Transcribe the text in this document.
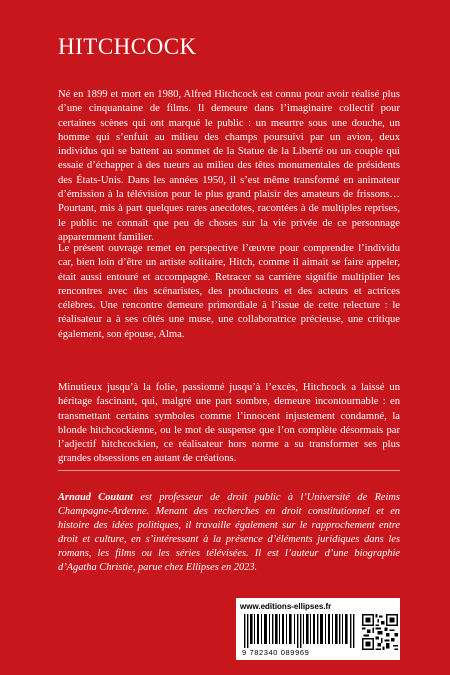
HITCHCOCK

Né en 1899 et mort en 1980, Alfred Hitchcock est connu pour avoir réalisé plus d’une cinquantaine de films. Il demeure dans l’imaginaire collectif pour certaines scènes qui ont marqué le public : un meurtre sous une douche, un homme qui s’enfuit au milieu des champs poursuivi par un avion, deux individus qui se battent au sommet de la Statue de la Liberté ou un couple qui essaie d’échapper à des tueurs au milieu des têtes monumentales de présidents des États-Unis. Dans les années 1950, il s’est même transformé en animateur d’émission à la télévision pour le plus grand plaisir des amateurs de frissons… Pourtant, mis à part quelques rares anecdotes, racontées à de multiples reprises, le public ne connaît que peu de choses sur la vie privée de ce personnage apparemment familier.

Le présent ouvrage remet en perspective l’œuvre pour comprendre l’individu car, bien loin d’être un artiste solitaire, Hitch, comme il aimait se faire appeler, était aussi entouré et accompagné. Retracer sa carrière signifie multiplier les rencontres avec des scénaristes, des producteurs et des acteurs et actrices célèbres. Une rencontre demeure primordiale à l’issue de cette relecture : le réalisateur a à ses côtés une muse, une collaboratrice précieuse, une critique également, son épouse, Alma.

Minutieux jusqu’à la folie, passionné jusqu’à l’excès, Hitchcock a laissé un héritage fascinant, qui, malgré une part sombre, demeure incontournable : en transmettant certains symboles comme l’innocent injustement condamné, la blonde hitchcockienne, ou le mot de suspense que l’on complète désormais par l’adjectif hitchcockien, ce réalisateur hors norme a su transformer ses plus grandes obsessions en autant de créations.

Arnaud Coutant est professeur de droit public à l’Université de Reims Champagne-Ardenne. Menant des recherches en droit constitutionnel et en histoire des idées politiques, il travaille également sur le rapprochement entre droit et culture, en s’intéressant à la présence d’éléments juridiques dans les romans, les films ou les séries télévisées. Il est l’auteur d’une biographie d’Agatha Christie, parue chez Ellipses en 2023.

www.editions-ellipses.fr
9 782340 089969
